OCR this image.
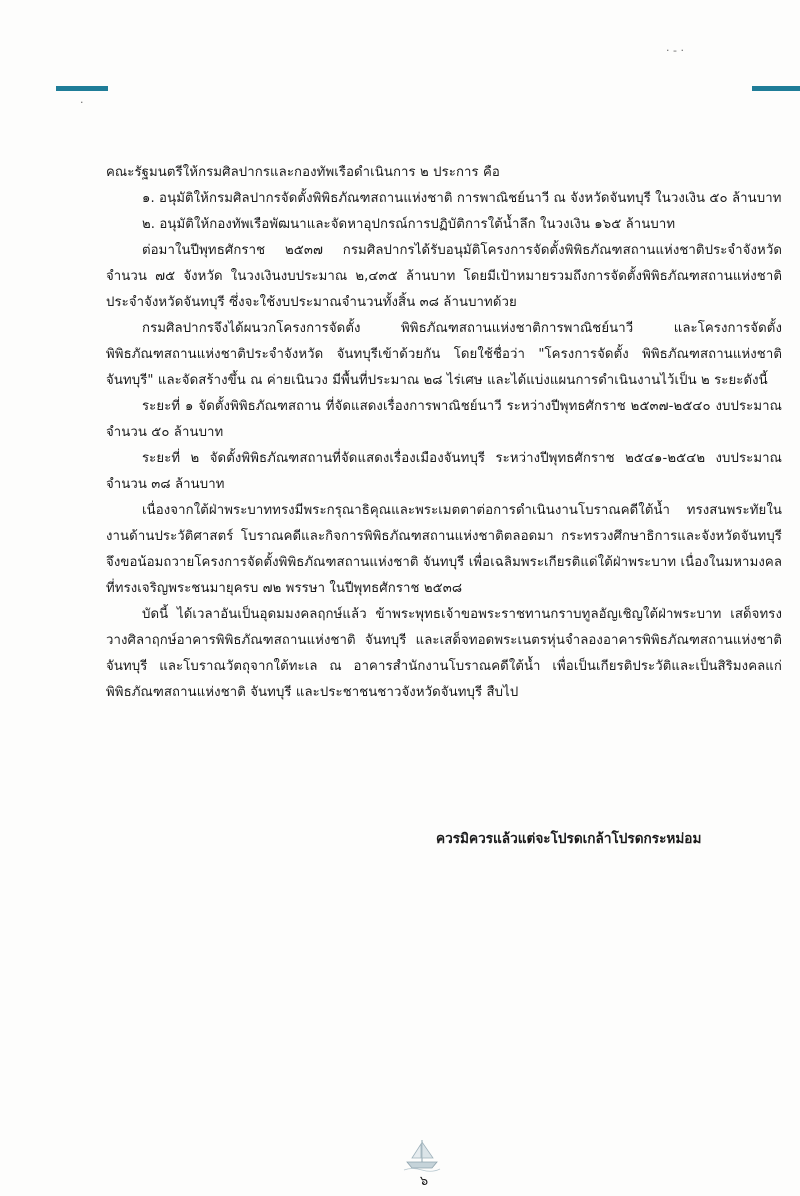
· - ·
·

คณะรัฐมนตรีให้กรมศิลปากรและกองทัพเรือดำเนินการ ๒ ประการ คือ

๑. อนุมัติให้กรมศิลปากรจัดตั้งพิพิธภัณฑสถานแห่งชาติ การพาณิชย์นาวี ณ จังหวัดจันทบุรี ในวงเงิน ๕๐ ล้านบาท

๒. อนุมัติให้กองทัพเรือพัฒนาและจัดหาอุปกรณ์การปฏิบัติการใต้น้ำลึก ในวงเงิน ๑๖๕ ล้านบาท

ต่อมาในปีพุทธศักราช ๒๕๓๗ กรมศิลปากรได้รับอนุมัติโครงการจัดตั้งพิพิธภัณฑสถานแห่งชาติประจำจังหวัด จำนวน ๗๕ จังหวัด ในวงเงินงบประมาณ ๒,๔๓๕ ล้านบาท โดยมีเป้าหมายรวมถึงการจัดตั้งพิพิธภัณฑสถานแห่งชาติประจำจังหวัดจันทบุรี ซึ่งจะใช้งบประมาณจำนวนทั้งสิ้น ๓๘ ล้านบาทด้วย

กรมศิลปากรจึงได้ผนวกโครงการจัดตั้ง พิพิธภัณฑสถานแห่งชาติการพาณิชย์นาวี และโครงการจัดตั้งพิพิธภัณฑสถานแห่งชาติประจำจังหวัด จันทบุรีเข้าด้วยกัน โดยใช้ชื่อว่า "โครงการจัดตั้ง พิพิธภัณฑสถานแห่งชาติ จันทบุรี" และจัดสร้างขึ้น ณ ค่ายเนินวง มีพื้นที่ประมาณ ๒๘ ไร่เศษ และได้แบ่งแผนการดำเนินงานไว้เป็น ๒ ระยะดังนี้

ระยะที่ ๑ จัดตั้งพิพิธภัณฑสถาน ที่จัดแสดงเรื่องการพาณิชย์นาวี ระหว่างปีพุทธศักราช ๒๕๓๗-๒๕๔๐ งบประมาณจำนวน ๕๐ ล้านบาท

ระยะที่ ๒ จัดตั้งพิพิธภัณฑสถานที่จัดแสดงเรื่องเมืองจันทบุรี ระหว่างปีพุทธศักราช ๒๕๔๑-๒๕๔๒ งบประมาณจำนวน ๓๘ ล้านบาท

เนื่องจากใต้ฝ่าพระบาททรงมีพระกรุณาธิคุณและพระเมตตาต่อการดำเนินงานโบราณคดีใต้น้ำ ทรงสนพระทัยในงานด้านประวัติศาสตร์ โบราณคดีและกิจการพิพิธภัณฑสถานแห่งชาติตลอดมา กระทรวงศึกษาธิการและจังหวัดจันทบุรีจึงขอน้อมถวายโครงการจัดตั้งพิพิธภัณฑสถานแห่งชาติ จันทบุรี เพื่อเฉลิมพระเกียรติแด่ใต้ฝ่าพระบาท เนื่องในมหามงคลที่ทรงเจริญพระชนมายุครบ ๗๒ พรรษา ในปีพุทธศักราช ๒๕๓๘

บัดนี้ ได้เวลาอันเป็นอุดมมงคลฤกษ์แล้ว ข้าพระพุทธเจ้าขอพระราชทานกราบทูลอัญเชิญใต้ฝ่าพระบาท เสด็จทรงวางศิลาฤกษ์อาคารพิพิธภัณฑสถานแห่งชาติ จันทบุรี และเสด็จทอดพระเนตรหุ่นจำลองอาคารพิพิธภัณฑสถานแห่งชาติ จันทบุรี และโบราณวัตถุจากใต้ทะเล ณ อาคารสำนักงานโบราณคดีใต้น้ำ เพื่อเป็นเกียรติประวัติและเป็นสิริมงคลแก่พิพิธภัณฑสถานแห่งชาติ จันทบุรี และประชาชนชาวจังหวัดจันทบุรี สืบไป

ควรมิควรแล้วแต่จะโปรดเกล้าโปรดกระหม่อม
๖
